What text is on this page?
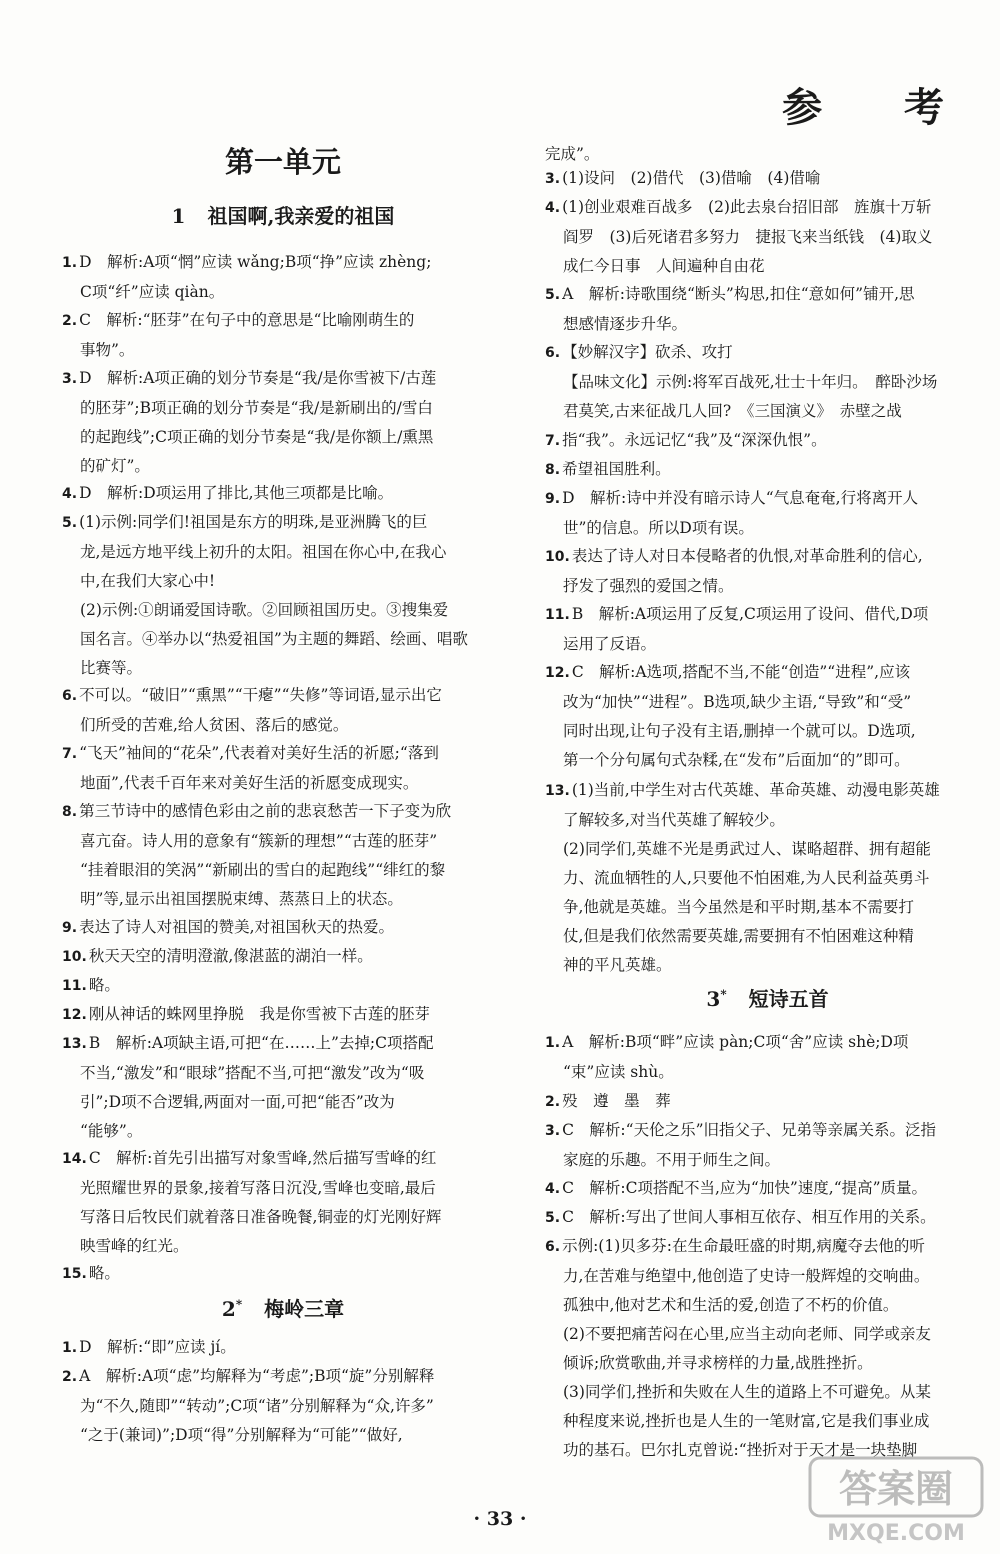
参 考
第一单元
1 祖国啊,我亲爱的祖国
1. D　解析:A项“惘”应读 wǎng;B项“挣”应读 zhèng;
C项“纤”应读 qiàn。
2. C　解析:“胚芽”在句子中的意思是“比喻刚萌生的
事物”。
3. D　解析:A项正确的划分节奏是“我/是你雪被下/古莲
的胚芽”;B项正确的划分节奏是“我/是新刷出的/雪白
的起跑线”;C项正确的划分节奏是“我/是你额上/熏黑
的矿灯”。
4. D　解析:D项运用了排比,其他三项都是比喻。
5. (1)示例:同学们!祖国是东方的明珠,是亚洲腾飞的巨
龙,是远方地平线上初升的太阳。祖国在你心中,在我心
中,在我们大家心中!
(2)示例:①朗诵爱国诗歌。②回顾祖国历史。③搜集爱
国名言。④举办以“热爱祖国”为主题的舞蹈、绘画、唱歌
比赛等。
6. 不可以。“破旧”“熏黑”“干瘪”“失修”等词语,显示出它
们所受的苦难,给人贫困、落后的感觉。
7. “飞天”袖间的“花朵”,代表着对美好生活的祈愿;“落到
地面”,代表千百年来对美好生活的祈愿变成现实。
8. 第三节诗中的感情色彩由之前的悲哀愁苦一下子变为欣
喜亢奋。诗人用的意象有“簇新的理想”“古莲的胚芽”
“挂着眼泪的笑涡”“新刷出的雪白的起跑线”“绯红的黎
明”等,显示出祖国摆脱束缚、蒸蒸日上的状态。
9. 表达了诗人对祖国的赞美,对祖国秋天的热爱。
10. 秋天天空的清明澄澈,像湛蓝的湖泊一样。
11. 略。
12. 刚从神话的蛛网里挣脱　我是你雪被下古莲的胚芽
13. B　解析:A项缺主语,可把“在……上”去掉;C项搭配
不当,“激发”和“眼球”搭配不当,可把“激发”改为“吸
引”;D项不合逻辑,两面对一面,可把“能否”改为
“能够”。
14. C　解析:首先引出描写对象雪峰,然后描写雪峰的红
光照耀世界的景象,接着写落日沉没,雪峰也变暗,最后
写落日后牧民们就着落日准备晚餐,铜壶的灯光刚好辉
映雪峰的红光。
15. 略。
1. D　解析:“即”应读 jí。
2. A　解析:A项“虑”均解释为“考虑”;B项“旋”分别解释
为“不久,随即”“转动”;C项“诸”分别解释为“众,许多”
“之于(兼词)”;D项“得”分别解释为“可能”“做好,
2* 梅岭三章
完成”。
3. (1)设问　(2)借代　(3)借喻　(4)借喻
4. (1)创业艰难百战多　(2)此去泉台招旧部　旌旗十万斩
阎罗　(3)后死诸君多努力　捷报飞来当纸钱　(4)取义
成仁今日事　人间遍种自由花
5. A　解析:诗歌围绕“断头”构思,扣住“意如何”铺开,思
想感情逐步升华。
6. 【妙解汉字】砍杀、攻打
【品味文化】示例:将军百战死,壮士十年归。　醉卧沙场
君莫笑,古来征战几人回?　《三国演义》　赤壁之战
7. 指“我”。永远记忆“我”及“深深仇恨”。
8. 希望祖国胜利。
9. D　解析:诗中并没有暗示诗人“气息奄奄,行将离开人
世”的信息。所以D项有误。
10. 表达了诗人对日本侵略者的仇恨,对革命胜利的信心,
抒发了强烈的爱国之情。
11. B　解析:A项运用了反复,C项运用了设问、借代,D项
运用了反语。
12. C　解析:A选项,搭配不当,不能“创造”“进程”,应该
改为“加快”“进程”。B选项,缺少主语,“导致”和“受”
同时出现,让句子没有主语,删掉一个就可以。D选项,
第一个分句属句式杂糅,在“发布”后面加“的”即可。
13. (1)当前,中学生对古代英雄、革命英雄、动漫电影英雄
了解较多,对当代英雄了解较少。
(2)同学们,英雄不光是勇武过人、谋略超群、拥有超能
力、流血牺牲的人,只要他不怕困难,为人民利益英勇斗
争,他就是英雄。当今虽然是和平时期,基本不需要打
仗,但是我们依然需要英雄,需要拥有不怕困难这种精
神的平凡英雄。
1. A　解析:B项“畔”应读 pàn;C项“舍”应读 shè;D项
“束”应读 shù。
2. 殁　遵　墨　葬
3. C　解析:“天伦之乐”旧指父子、兄弟等亲属关系。泛指
家庭的乐趣。不用于师生之间。
4. C　解析:C项搭配不当,应为“加快”速度,“提高”质量。
5. C　解析:写出了世间人事相互依存、相互作用的关系。
6. 示例:(1)贝多芬:在生命最旺盛的时期,病魔夺去他的听
力,在苦难与绝望中,他创造了史诗一般辉煌的交响曲。
孤独中,他对艺术和生活的爱,创造了不朽的价值。
(2)不要把痛苦闷在心里,应当主动向老师、同学或亲友
倾诉;欣赏歌曲,并寻求榜样的力量,战胜挫折。
(3)同学们,挫折和失败在人生的道路上不可避免。从某
种程度来说,挫折也是人生的一笔财富,它是我们事业成
功的基石。巴尔扎克曾说:“挫折对于天才是一块垫脚
3* 短诗五首
· 33 ·
答案圈
MXQE.COM
